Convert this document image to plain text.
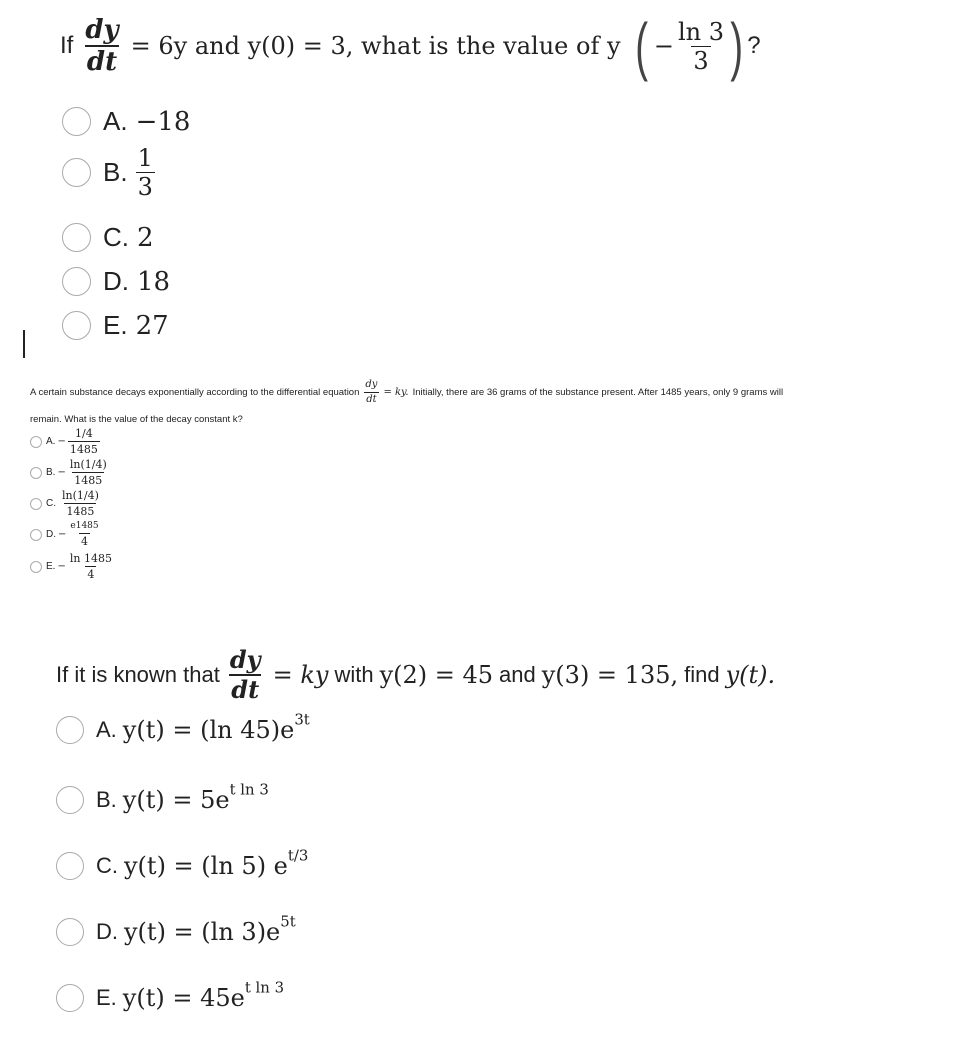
If $\frac{dy}{dt} = 6y$ and y(0) = 3, what is the value of y ( − $\frac{\ln 3}{3}$ ) ?
A. −18
B. $\frac{1}{3}$
C. 2
D. 18
E. 27
A certain substance decays exponentially according to the differential equation $\frac{dy}{dt}$ = ky. Initially, there are 36 grams of the substance present. After 1485 years, only 9 grams will
remain. What is the value of the decay constant k?
A. − $\frac{1/4}{1485}$
B. − $\frac{\ln(1/4)}{1485}$
C. $\frac{\ln(1/4)}{1485}$
D. − $\frac{e1485}{4}$
E. − $\frac{\ln 1485}{4}$
If it is known that $\frac{dy}{dt}$ = ky with y(2) = 45 and y(3) = 135, find y(t).
A. y(t) = (ln $45)e^{3t}$
B. $y(t) = 5e^{t ln 3}$
C. y(t) = (ln 5) $e^{t/3}$
D. y(t) = (ln $3)e^{5t}$
E. $y(t) = 45e^{t ln 3}$
